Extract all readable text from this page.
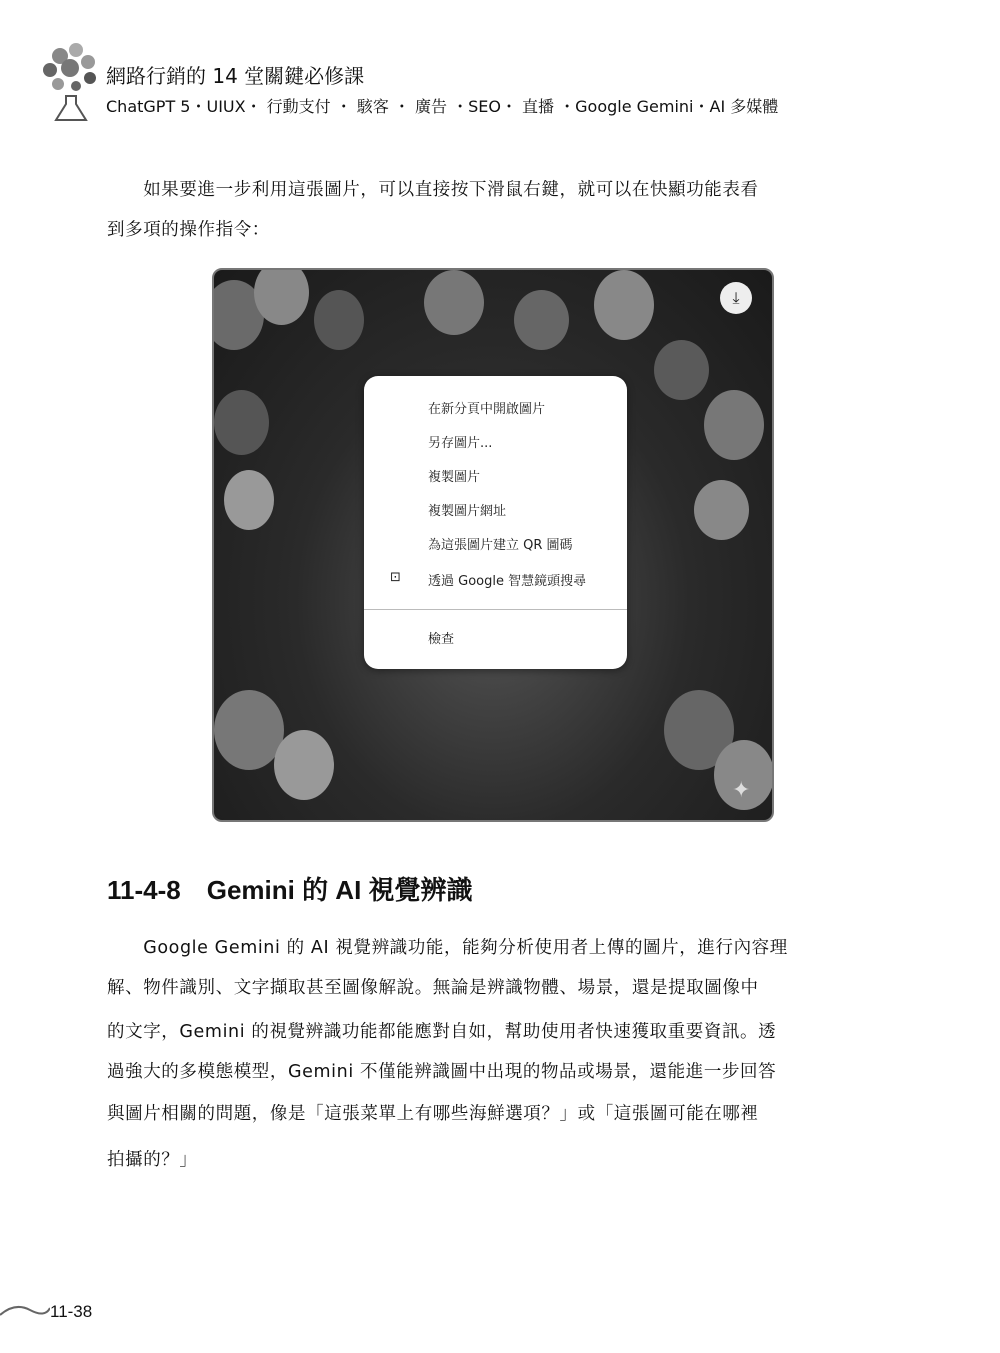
網路行銷的 14 堂關鍵必修課
ChatGPT 5・UIUX・ 行動支付 ・ 駭客 ・ 廣告 ・SEO・ 直播 ・Google Gemini・AI 多媒體
　　如果要進一步利用這張圖片，可以直接按下滑鼠右鍵，就可以在快顯功能表看
到多項的操作指令：
⤓
✦
在新分頁中開啟圖片
另存圖片...
複製圖片
複製圖片網址
為這張圖片建立 QR 圖碼
⊡ 透過 Google 智慧鏡頭搜尋
檢查
11-4-8　Gemini 的 AI 視覺辨識
　　Google Gemini 的 AI 視覺辨識功能，能夠分析使用者上傳的圖片，進行內容理
解、物件識別、文字擷取甚至圖像解說。無論是辨識物體、場景，還是提取圖像中
的文字，Gemini 的視覺辨識功能都能應對自如，幫助使用者快速獲取重要資訊。透
過強大的多模態模型，Gemini 不僅能辨識圖中出現的物品或場景，還能進一步回答
與圖片相關的問題，像是「這張菜單上有哪些海鮮選項？」或「這張圖可能在哪裡
拍攝的？」
11-38
